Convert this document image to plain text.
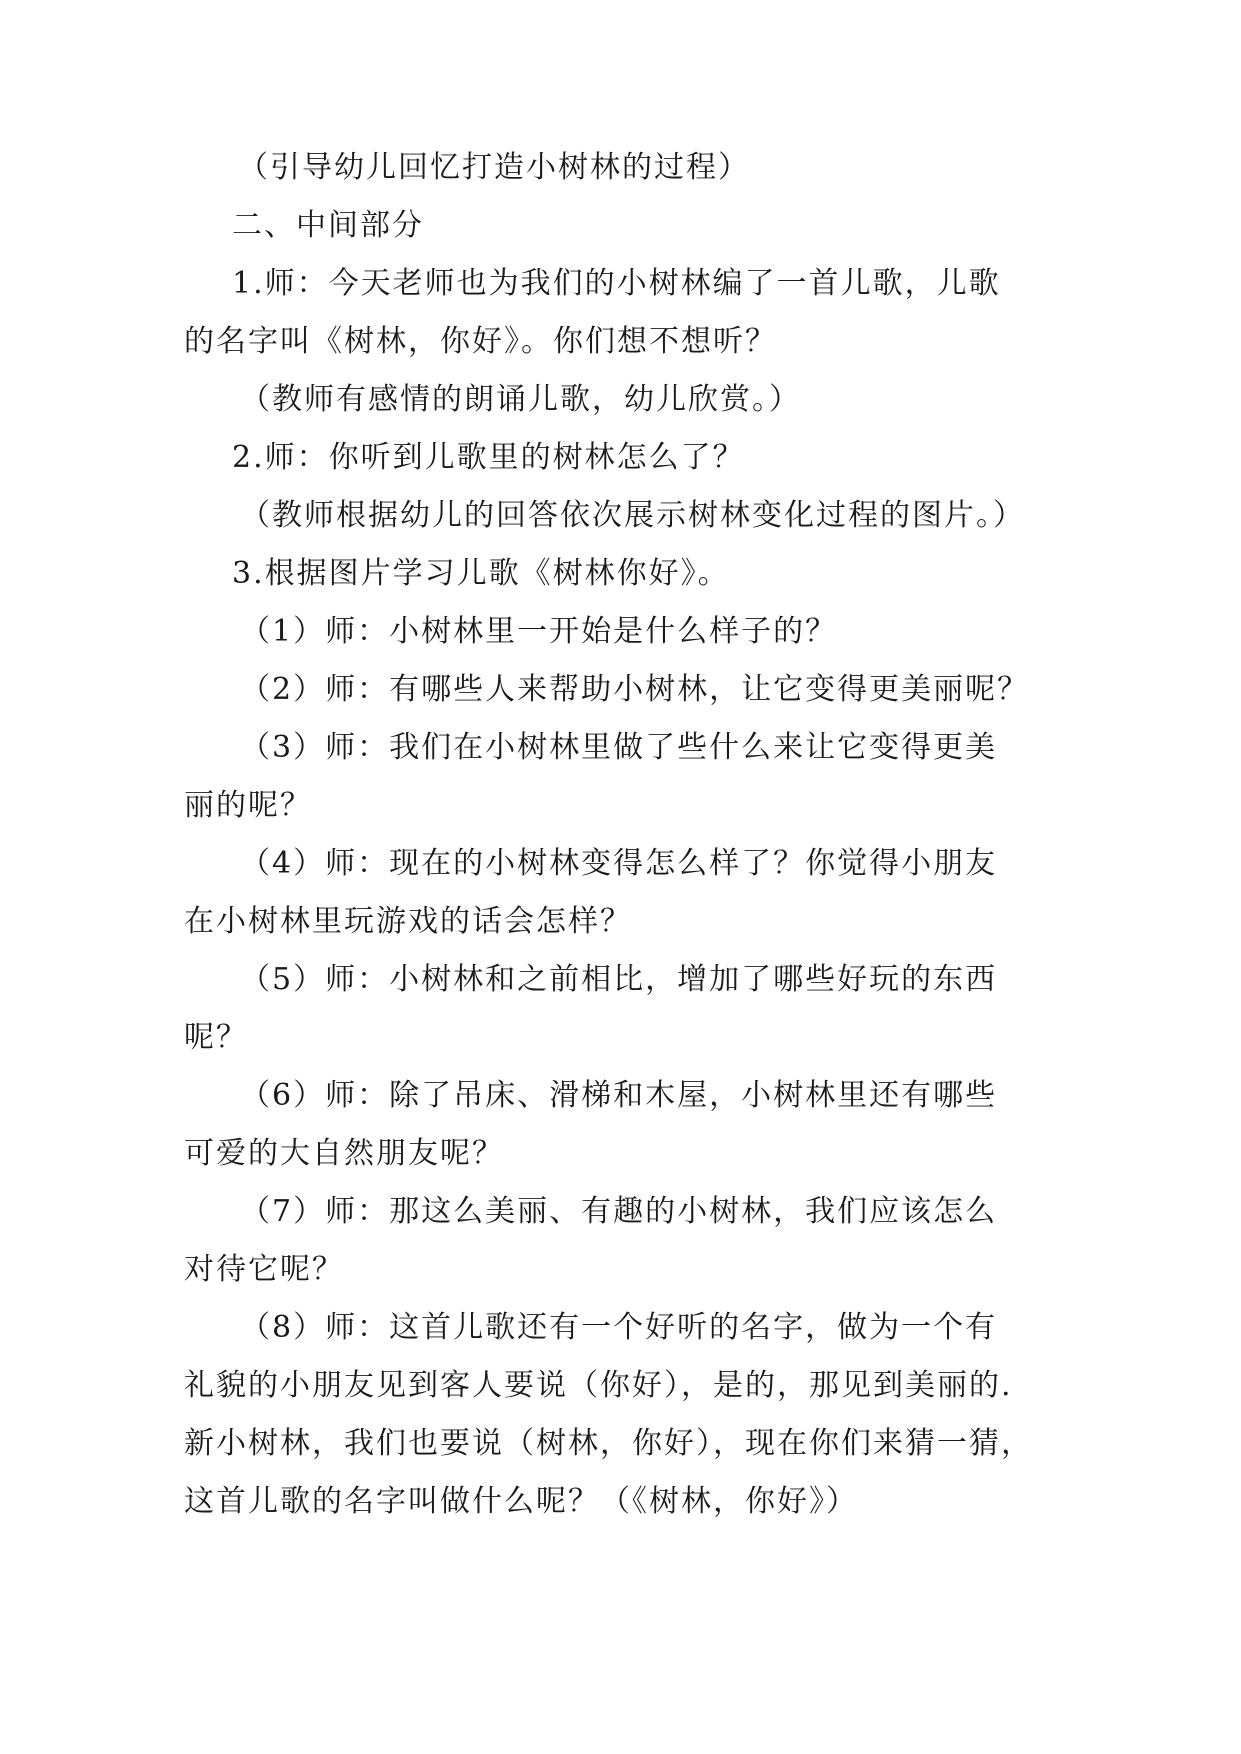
（引导幼儿回忆打造小树林的过程）
二、中间部分
1.师：今天老师也为我们的小树林编了一首儿歌，儿歌
的名字叫《树林，你好》。你们想不想听？
（教师有感情的朗诵儿歌，幼儿欣赏。）
2.师：你听到儿歌里的树林怎么了？
（教师根据幼儿的回答依次展示树林变化过程的图片。）
3.根据图片学习儿歌《树林你好》。
（1）师：小树林里一开始是什么样子的？
（2）师：有哪些人来帮助小树林，让它变得更美丽呢？
（3）师：我们在小树林里做了些什么来让它变得更美
丽的呢？
（4）师：现在的小树林变得怎么样了？你觉得小朋友
在小树林里玩游戏的话会怎样？
（5）师：小树林和之前相比，增加了哪些好玩的东西
呢？
（6）师：除了吊床、滑梯和木屋，小树林里还有哪些
可爱的大自然朋友呢？
（7）师：那这么美丽、有趣的小树林，我们应该怎么
对待它呢？
（8）师：这首儿歌还有一个好听的名字，做为一个有
礼貌的小朋友见到客人要说（你好），是的，那见到美丽的.
新小树林，我们也要说（树林，你好），现在你们来猜一猜，
这首儿歌的名字叫做什么呢？（《树林，你好》）
